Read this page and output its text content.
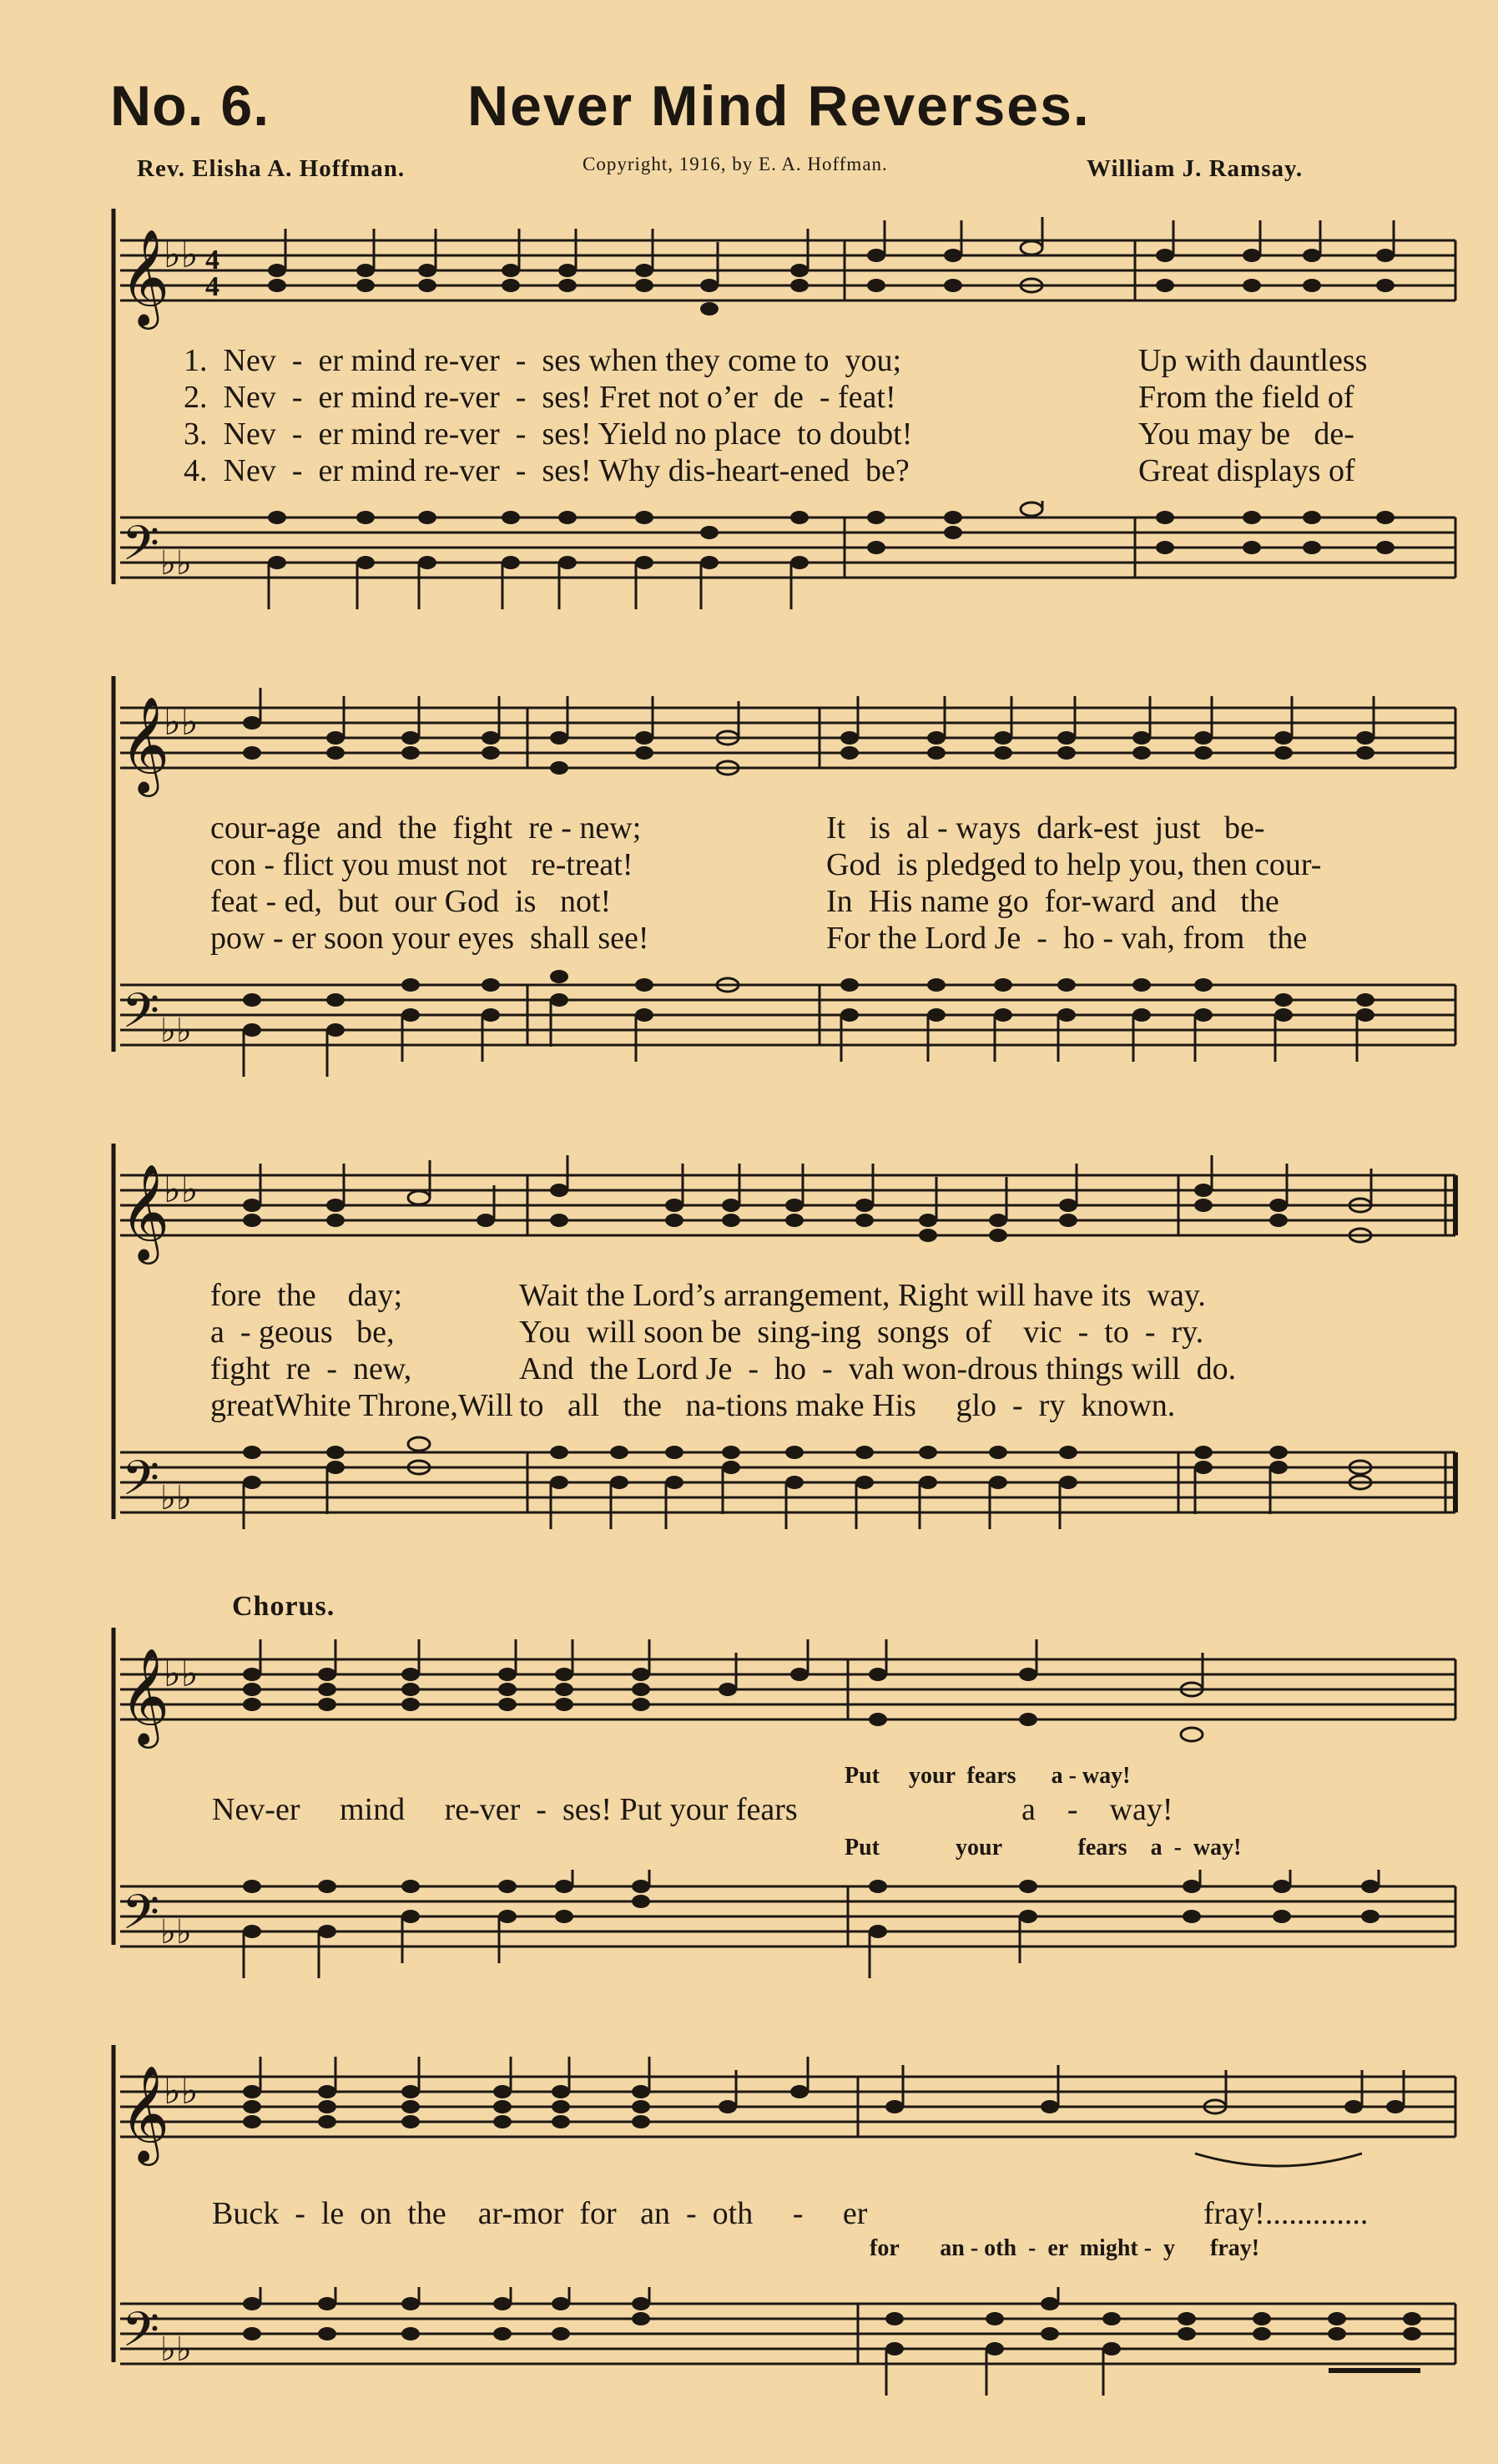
No. 6.	Never Mind Reverses.
Rev. Elisha A. Hoffman.	Copyright, 1916, by E. A. Hoffman.	William J. Ramsay.
𝄞
♭♭ 4
4
1.  Nev  -  er mind re-ver  -  ses when they come to  you;	Up with dauntless
2.  Nev  -  er mind re-ver  -  ses! Fret not o’er  de  - feat!	From the field of
3.  Nev  -  er mind re-ver  -  ses! Yield no place  to doubt!	You may be   de-
4.  Nev  -  er mind re-ver  -  ses! Why dis-heart-ened  be?	Great displays of
𝄢 ♭♭
𝄞
♭♭
cour-age  and  the  fight  re - new;	It   is  al - ways  dark-est  just   be-
con - flict you must not   re-treat!	God  is pledged to help you, then cour-
feat - ed,  but  our God  is   not!	In  His name go  for-ward  and   the
pow - er soon your eyes  shall see!	For the Lord Je  -  ho - vah, from   the
𝄢 ♭♭
𝄞
♭♭
fore  the    day;	Wait the Lord’s arrangement, Right will have its  way.
a  - geous   be,	You  will soon be  sing-ing  songs  of    vic  -  to  -  ry.
fight  re  -  new,	And  the Lord Je  -  ho  -  vah won-drous things will  do.
greatWhite Throne,Will to   all   the   na-tions make His     glo  -  ry  known.
𝄢 ♭♭
Chorus.
𝄞
♭♭
Put     your  fears      a - way!
Nev-er     mind     re-ver  -  ses! Put your fears	a    -    way!
Put             your             fears    a  -  way!
𝄢 ♭♭
𝄞
♭♭
Buck  -  le  on  the    ar-mor  for   an  -  oth     -     er	fray!.............
for       an - oth  -  er  might -  y      fray!
𝄢 ♭♭
